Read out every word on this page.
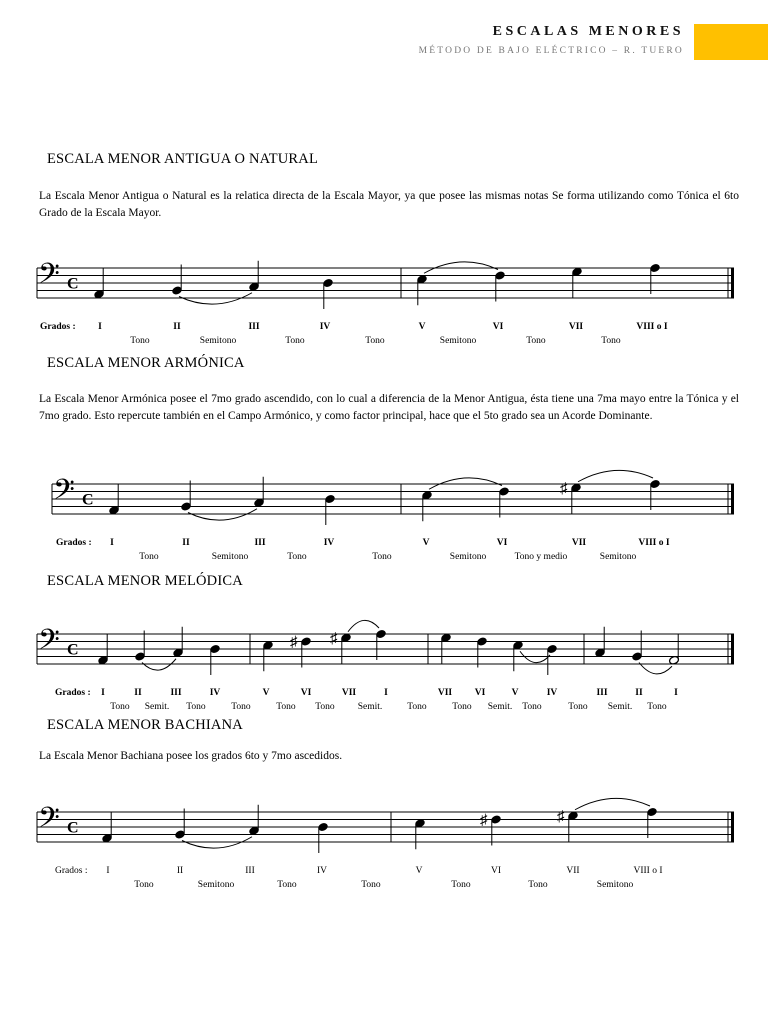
ESCALAS MENORES
MÉTODO DE BAJO ELÉCTRICO – R. TUERO
ESCALA MENOR ANTIGUA O NATURAL
La Escala Menor Antigua o Natural es la relatica directa de la Escala Mayor, ya que posee las mismas notas Se forma utilizando como Tónica el 6to Grado de la Escala Mayor.
𝄢 C
Grados : I	II	III	IV	V	VI	VII	VIII o I
Tono	Semitono	Tono	Tono	Semitono	Tono	Tono
ESCALA MENOR ARMÓNICA
La Escala Menor Armónica posee el 7mo grado ascendido, con lo cual a diferencia de la Menor Antigua, ésta tiene una 7ma mayo entre la Tónica y el 7mo grado. Esto repercute también en el Campo Armónico, y como factor principal, hace que el 5to grado sea un Acorde Dominante.
𝄢 C
♯
Grados : I	II	III	IV	V	VI	VII	VIII o I
Tono	Semitono	Tono	Tono	Semitono	Tono y medio	Semitono
ESCALA MENOR MELÓDICA
𝄢 C	♯ ♯
Grados : I	II	III	IV	V	VI	VII	I	VII VI	V	IV	III	II	I
Tono Semit. Tono	Tono	Tono Tono Semit.	Tono	Tono Semit. Tono	Tono Semit. Tono
ESCALA MENOR BACHIANA
La Escala Menor Bachiana posee los grados 6to y 7mo ascedidos.
𝄢 C	♯	♯
Grados : I	II	III	IV	V	VI	VII	VIII o I
Tono	Semitono	Tono	Tono	Tono	Tono	Semitono
